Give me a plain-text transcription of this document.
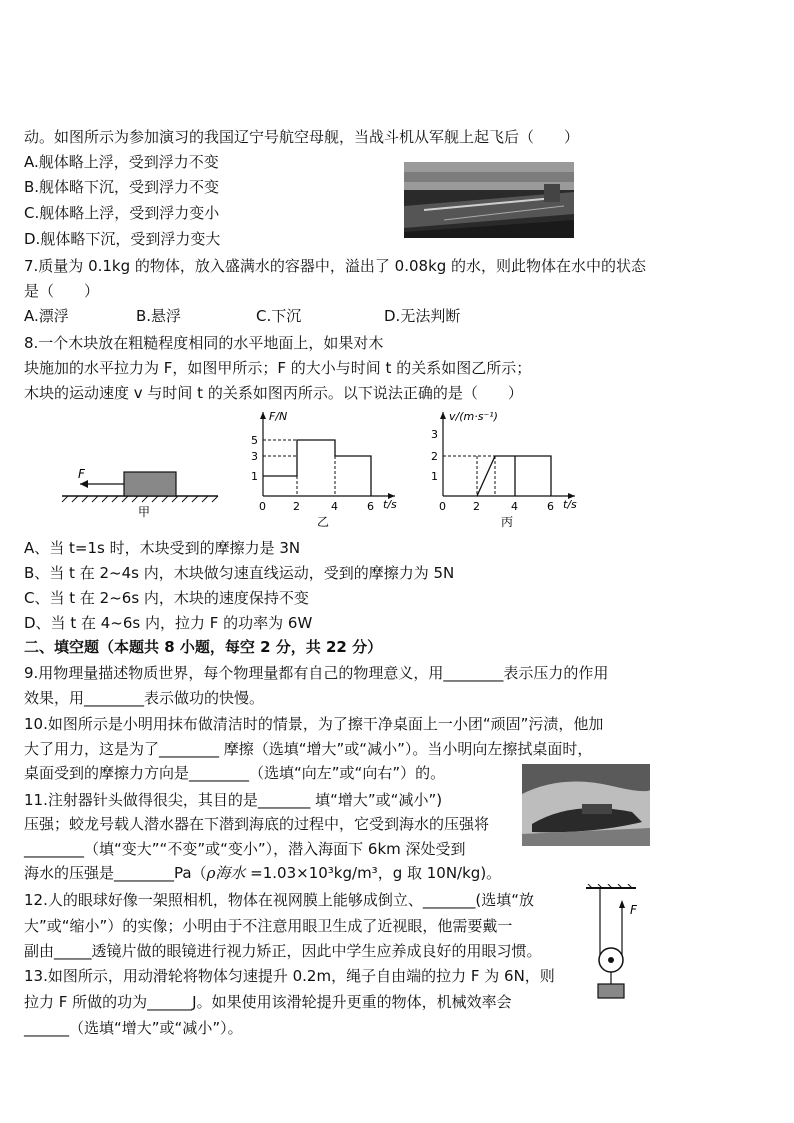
动。如图所示为参加演习的我国辽宁号航空母舰，当战斗机从军舰上起飞后（　　）
A.舰体略上浮，受到浮力不变
B.舰体略下沉，受到浮力不变
C.舰体略上浮，受到浮力变小
D.舰体略下沉，受到浮力变大
7.质量为 0.1kg 的物体，放入盛满水的容器中，溢出了 0.08kg 的水，则此物体在水中的状态
是（　　）
A.漂浮	B.悬浮	C.下沉	D.无法判断
8.一个木块放在粗糙程度相同的水平地面上，如果对木
块施加的水平拉力为 F，如图甲所示；F 的大小与时间 t 的关系如图乙所示；
木块的运动速度 v 与时间 t 的关系如图丙所示。以下说法正确的是（　　）
F
甲
F/N
t/s
5
3
1
0 2	4	6
乙
v/(m·s⁻¹)
t/s
3
2
1
0 2	4	6
丙
A、当 t=1s 时，木块受到的摩擦力是 3N
B、当 t 在 2~4s 内，木块做匀速直线运动，受到的摩擦力为 5N
C、当 t 在 2~6s 内，木块的速度保持不变
D、当 t 在 4~6s 内，拉力 F 的功率为 6W
二、填空题（本题共 8 小题，每空 2 分，共 22 分）
9.用物理量描述物质世界，每个物理量都有自己的物理意义，用________表示压力的作用
效果，用________表示做功的快慢。
10.如图所示是小明用抹布做清洁时的情景，为了擦干净桌面上一小团“顽固”污渍，他加
大了用力，这是为了________ 摩擦（选填“增大”或“减小”）。当小明向左擦拭桌面时，
桌面受到的摩擦力方向是________（选填“向左”或“向右”）的。
11.注射器针头做得很尖，其目的是_______ 填“增大”或“减小”)
压强；蛟龙号载人潜水器在下潜到海底的过程中，它受到海水的压强将
________（填“变大”“不变”或“变小”），潜入海面下 6km 深处受到
海水的压强是________Pa（ρ海水 =1.03×10³kg/m³，g 取 10N/kg)。
12.人的眼球好像一架照相机，物体在视网膜上能够成倒立、_______(选填“放
大”或“缩小”）的实像；小明由于不注意用眼卫生成了近视眼，他需要戴一
副由_____透镜片做的眼镜进行视力矫正，因此中学生应养成良好的用眼习惯。
13.如图所示，用动滑轮将物体匀速提升 0.2m，绳子自由端的拉力 F 为 6N，则
拉力 F 所做的功为______J。如果使用该滑轮提升更重的物体，机械效率会
______（选填“增大”或“减小”）。
F
